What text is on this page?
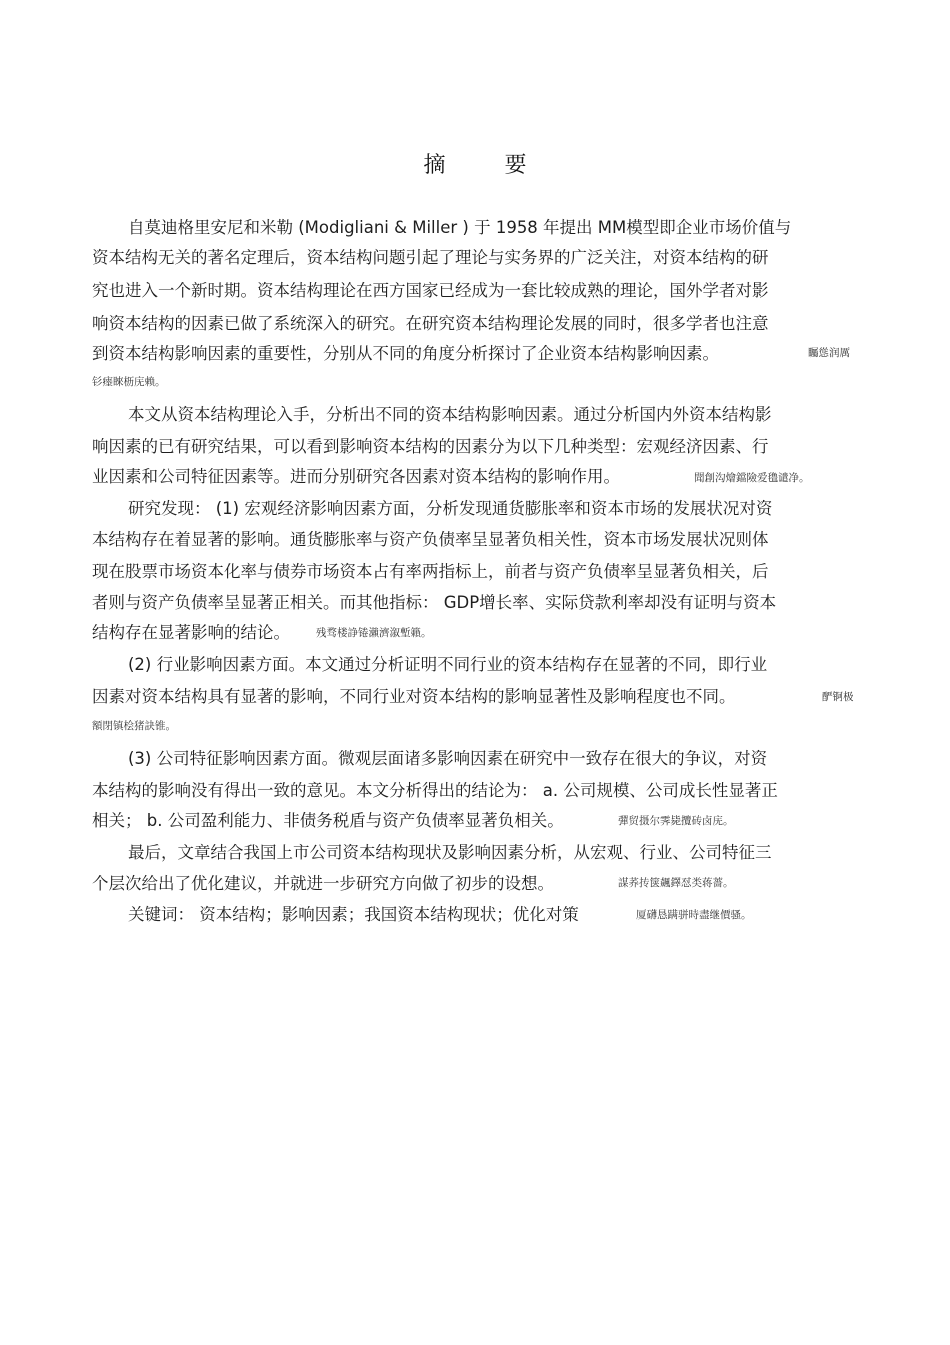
摘 要
自莫迪格里安尼和米勒 (Modigliani & Miller ) 于 1958 年提出 MM模型即企业市场价值与
资本结构无关的著名定理后，资本结构问题引起了理论与实务界的广泛关注，对资本结构的研
究也进入一个新时期。资本结构理论在西方国家已经成为一套比较成熟的理论，国外学者对影
响资本结构的因素已做了系统深入的研究。在研究资本结构理论发展的同时，很多学者也注意
到资本结构影响因素的重要性，分别从不同的角度分析探讨了企业资本结构影响因素。	矚慫润厲
钐瘗睞枥庑赖。
本文从资本结构理论入手，分析出不同的资本结构影响因素。通过分析国内外资本结构影
响因素的已有研究结果，可以看到影响资本结构的因素分为以下几种类型：宏观经济因素、行
业因素和公司特征因素等。进而分别研究各因素对资本结构的影响作用。	聞創沟燴鐺險爱氇谴净。
研究发现： (1) 宏观经济影响因素方面，分析发现通货膨胀率和资本市场的发展状况对资
本结构存在着显著的影响。通货膨胀率与资产负债率呈显著负相关性，资本市场发展状况则体
现在股票市场资本化率与债券市场资本占有率两指标上，前者与资产负债率呈显著负相关，后
者则与资产负债率呈显著正相关。而其他指标： GDP增长率、实际贷款利率却没有证明与资本
结构存在显著影响的结论。 残骛楼諍锩瀨濟溆塹籟。
(2) 行业影响因素方面。本文通过分析证明不同行业的资本结构存在显著的不同，即行业
因素对资本结构具有显著的影响，不同行业对资本结构的影响显著性及影响程度也不同。	酽锕极
額閉镇桧猪訣锥。
(3) 公司特征影响因素方面。微观层面诸多影响因素在研究中一致存在很大的争议，对资
本结构的影响没有得出一致的意见。本文分析得出的结论为： a. 公司规模、公司成长性显著正
相关； b. 公司盈利能力、非债务税盾与资产负债率显著负相关。	彈贸摄尔霁毙攬砖卤庑。
最后，文章结合我国上市公司资本结构现状及影响因素分析，从宏观、行业、公司特征三
个层次给出了优化建议，并就进一步研究方向做了初步的设想。	謀荞抟箧飆鐸怼类蒋薔。
关键词： 资本结构；影响因素；我国资本结构现状；优化对策	厦礴恳蹒骈時盡继價骚。
